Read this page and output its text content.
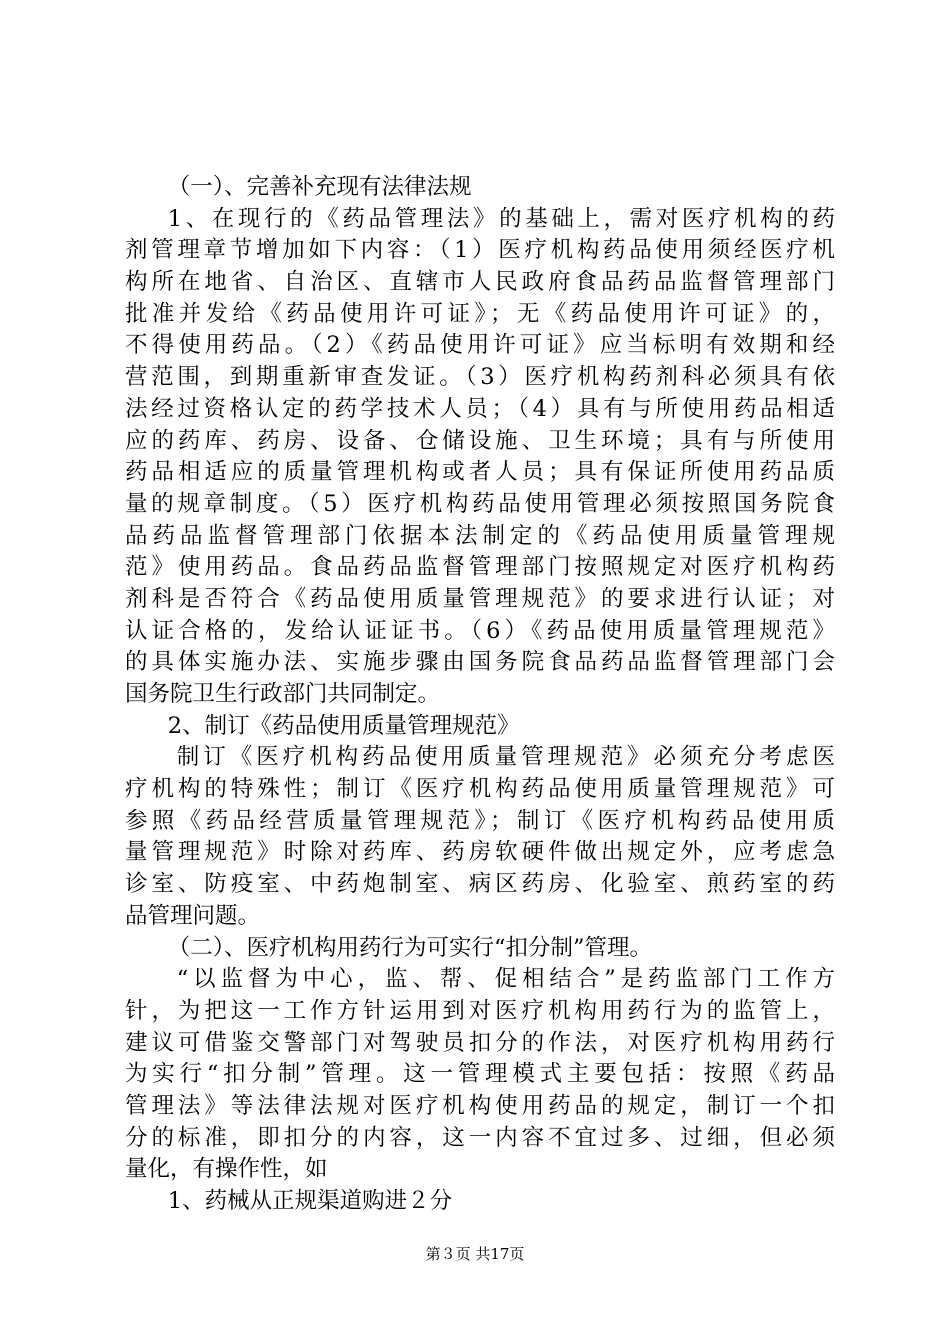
（一）、完善补充现有法律法规
1、在现行的《药品管理法》的基础上，需对医疗机构的药
剂管理章节增加如下内容：（1）医疗机构药品使用须经医疗机
构所在地省、自治区、直辖市人民政府食品药品监督管理部门
批准并发给《药品使用许可证》；无《药品使用许可证》的，
不得使用药品。（2）《药品使用许可证》应当标明有效期和经
营范围，到期重新审查发证。（3）医疗机构药剂科必须具有依
法经过资格认定的药学技术人员；（4）具有与所使用药品相适
应的药库、药房、设备、仓储设施、卫生环境；具有与所使用
药品相适应的质量管理机构或者人员；具有保证所使用药品质
量的规章制度。（5）医疗机构药品使用管理必须按照国务院食
品药品监督管理部门依据本法制定的《药品使用质量管理规
范》使用药品。食品药品监督管理部门按照规定对医疗机构药
剂科是否符合《药品使用质量管理规范》的要求进行认证；对
认证合格的，发给认证证书。（6）《药品使用质量管理规范》
的具体实施办法、实施步骤由国务院食品药品监督管理部门会
国务院卫生行政部门共同制定。
2、制订《药品使用质量管理规范》
制订《医疗机构药品使用质量管理规范》必须充分考虑医
疗机构的特殊性；制订《医疗机构药品使用质量管理规范》可
参照《药品经营质量管理规范》；制订《医疗机构药品使用质
量管理规范》时除对药库、药房软硬件做出规定外，应考虑急
诊室、防疫室、中药炮制室、病区药房、化验室、煎药室的药
品管理问题。
（二）、医疗机构用药行为可实行“扣分制”管理。
“以监督为中心，监、帮、促相结合”是药监部门工作方
针，为把这一工作方针运用到对医疗机构用药行为的监管上，
建议可借鉴交警部门对驾驶员扣分的作法，对医疗机构用药行
为实行“扣分制”管理。这一管理模式主要包括：按照《药品
管理法》等法律法规对医疗机构使用药品的规定，制订一个扣
分的标准，即扣分的内容，这一内容不宜过多、过细，但必须
量化，有操作性，如
1、药械从正规渠道购进２分
第３页 共17页
